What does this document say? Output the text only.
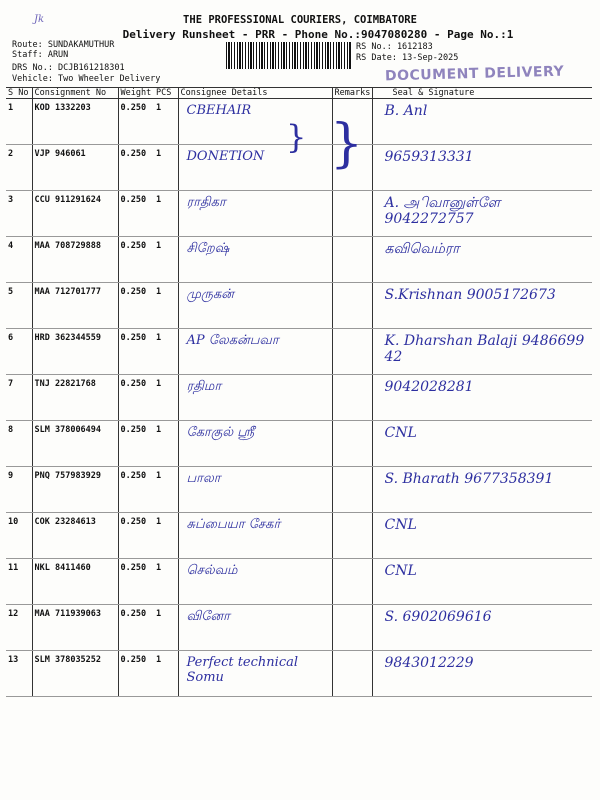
Jk	THE PROFESSIONAL COURIERS, COIMBATORE
Delivery Runsheet - PRR - Phone No.:9047080280 - Page No.:1
Route: SUNDAKAMUTHUR
Staff: ARUN
DRS No.: DCJB161218301
Vehicle: Two Wheeler Delivery
RS No.: 1612183
RS Date: 13-Sep-2025
DOCUMENT DELIVERY
S No	Consignment No	Weight	PCS	Consignee Details	Remarks	Seal & Signature
1	KOD 1332203	0.250	1	CBEHAIR		B. Anl
2	VJP 946061	0.250	1	DONETION		9659313331
3	CCU 911291624	0.250	1	ராதிகா		A. அிவானுள்ளே 9042272757
4	MAA 708729888	0.250	1	சிறேஷ்		கவிவெம்ரா
5	MAA 712701777	0.250	1	முருகன்		S.Krishnan 9005172673
6	HRD 362344559	0.250	1	AP லேகன்பவா		K. Dharshan Balaji 9486699 42
7	TNJ 22821768	0.250	1	ரதிமா		9042028281
8	SLM 378006494	0.250	1	கோகுல் ஸ்ரீ		CNL
9	PNQ 757983929	0.250	1	பாலா		S. Bharath 9677358391
10	COK 23284613	0.250	1	சுப்பையா சேகர்		CNL
11	NKL 8411460	0.250	1	செல்வம்		CNL
12	MAA 711939063	0.250	1	வினோ		S. 6902069616
13	SLM 378035252	0.250	1	Perfect technical Somu		9843012229
} }
